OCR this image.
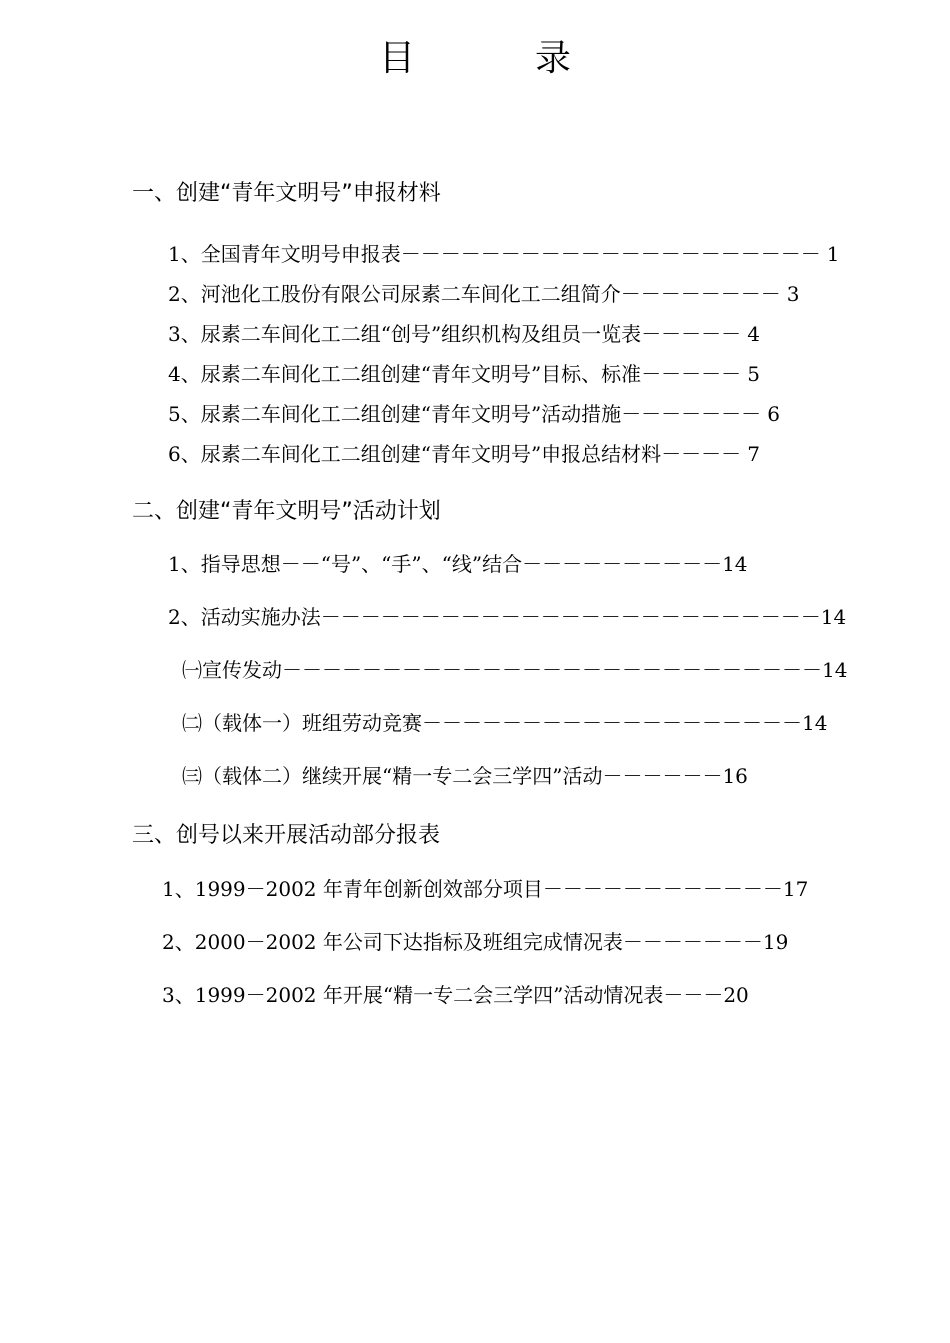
目	录
一、创建“青年文明号”申报材料
1、全国青年文明号申报表 －－－－－－－－－－－－－－－－－－－－－ 1
2、河池化工股份有限公司尿素二车间化工二组简介 －－－－－－－－ 3
3、尿素二车间化工二组“创号”组织机构及组员一览表 －－－－－ 4
4、尿素二车间化工二组创建“青年文明号”目标、标准 －－－－－ 5
5、尿素二车间化工二组创建“青年文明号”活动措施 －－－－－－－ 6
6、尿素二车间化工二组创建“青年文明号”申报总结材料 －－－－ 7
二、创建“青年文明号”活动计划
1、指导思想－－“号”、“手”、“线”结合 －－－－－－－－－－ 14
2、活动实施办法 －－－－－－－－－－－－－－－－－－－－－－－－－ 14
㈠宣传发动 －－－－－－－－－－－－－－－－－－－－－－－－－－－ 14
㈡（载体一）班组劳动竞赛 －－－－－－－－－－－－－－－－－－－ 14
㈢（载体二）继续开展“精一专二会三学四”活动 －－－－－－ 16
三、创号以来开展活动部分报表
1、1999－2002 年青年创新创效部分项目 －－－－－－－－－－－－ 17
2、2000－2002 年公司下达指标及班组完成情况表 －－－－－－－ 19
3、1999－2002 年开展“精一专二会三学四”活动情况表 －－－ 20
